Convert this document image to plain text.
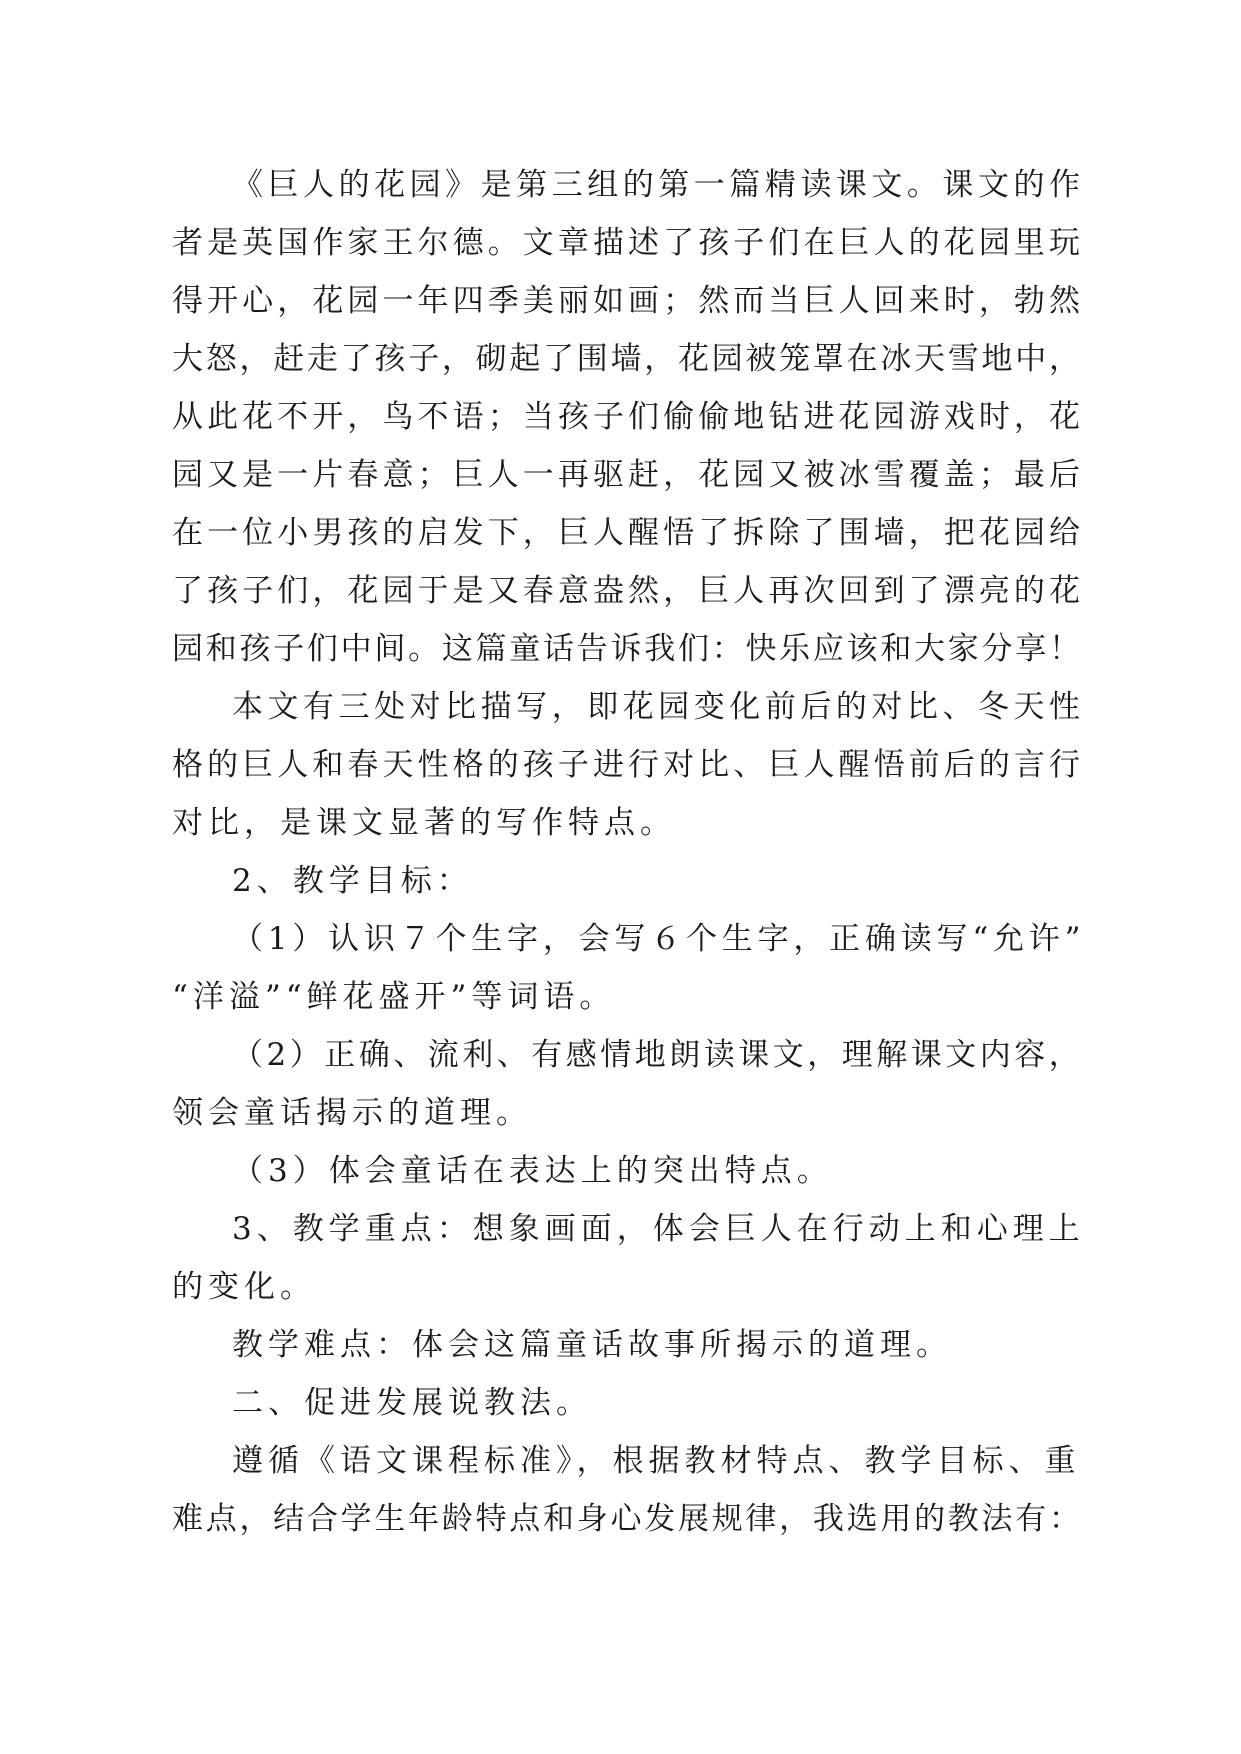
《巨人的花园》是第三组的第一篇精读课文。课文的作
者是英国作家王尔德。文章描述了孩子们在巨人的花园里玩
得开心，花园一年四季美丽如画；然而当巨人回来时，勃然
大怒，赶走了孩子，砌起了围墙，花园被笼罩在冰天雪地中，
从此花不开，鸟不语；当孩子们偷偷地钻进花园游戏时，花
园又是一片春意；巨人一再驱赶，花园又被冰雪覆盖；最后
在一位小男孩的启发下，巨人醒悟了拆除了围墙，把花园给
了孩子们，花园于是又春意盎然，巨人再次回到了漂亮的花
园和孩子们中间。这篇童话告诉我们：快乐应该和大家分享！
本文有三处对比描写，即花园变化前后的对比、冬天性
格的巨人和春天性格的孩子进行对比、巨人醒悟前后的言行
对比，是课文显著的写作特点。
2、教学目标：
（1）认识７个生字，会写６个生字，正确读写“允许”
“洋溢”“鲜花盛开”等词语。
（2）正确、流利、有感情地朗读课文，理解课文内容，
领会童话揭示的道理。
（3）体会童话在表达上的突出特点。
3、教学重点：想象画面，体会巨人在行动上和心理上
的变化。
教学难点：体会这篇童话故事所揭示的道理。
二、促进发展说教法。
遵循《语文课程标准》，根据教材特点、教学目标、重
难点，结合学生年龄特点和身心发展规律，我选用的教法有：
